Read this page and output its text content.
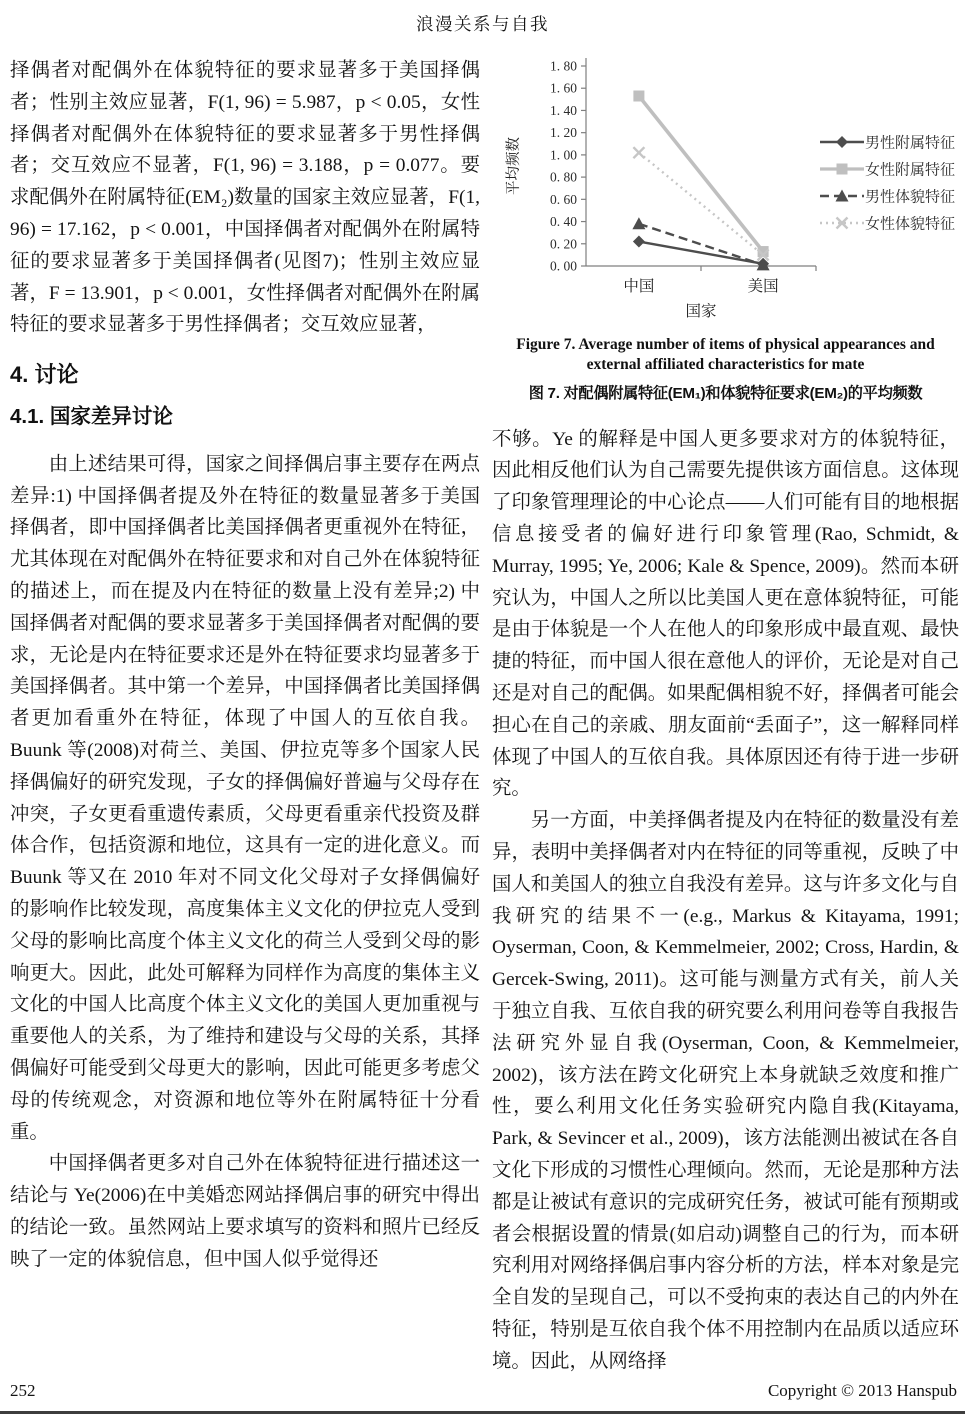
浪漫关系与自我

择偶者对配偶外在体貌特征的要求显著多于美国择偶者；性别主效应显著，F(1, 96) = 5.987，p < 0.05，女性择偶者对配偶外在体貌特征的要求显著多于男性择偶者；交互效应不显著，F(1, 96) = 3.188，p = 0.077。要求配偶外在附属特征(EM₂)数量的国家主效应显著，F(1, 96) = 17.162，p < 0.001，中国择偶者对配偶外在附属特征的要求显著多于美国择偶者(见图7)；性别主效应显著，F = 13.901，p < 0.001，女性择偶者对配偶外在附属特征的要求显著多于男性择偶者；交互效应显著，

4. 讨论
4.1. 国家差异讨论

由上述结果可得，国家之间择偶启事主要存在两点差异:1) 中国择偶者提及外在特征的数量显著多于美国择偶者，即中国择偶者比美国择偶者更重视外在特征，尤其体现在对配偶外在特征要求和对自己外在体貌特征的描述上，而在提及内在特征的数量上没有差异;2) 中国择偶者对配偶的要求显著多于美国择偶者对配偶的要求，无论是内在特征要求还是外在特征要求均显著多于美国择偶者。其中第一个差异，中国择偶者比美国择偶者更加看重外在特征，体现了中国人的互依自我。Buunk 等(2008)对荷兰、美国、伊拉克等多个国家人民择偶偏好的研究发现，子女的择偶偏好普遍与父母存在冲突，子女更看重遗传素质，父母更看重亲代投资及群体合作，包括资源和地位，这具有一定的进化意义。而 Buunk 等又在 2010 年对不同文化父母对子女择偶偏好的影响作比较发现，高度集体主义文化的伊拉克人受到父母的影响比高度个体主义文化的荷兰人受到父母的影响更大。因此，此处可解释为同样作为高度的集体主义文化的中国人比高度个体主义文化的美国人更加重视与重要他人的关系，为了维持和建设与父母的关系，其择偶偏好可能受到父母更大的影响，因此可能更多考虑父母的传统观念，对资源和地位等外在附属特征十分看重。

中国择偶者更多对自己外在体貌特征进行描述这一结论与 Ye(2006)在中美婚恋网站择偶启事的研究中得出的结论一致。虽然网站上要求填写的资料和照片已经反映了一定的体貌信息，但中国人似乎觉得还

0. 00
0. 20
0. 40
0. 60
0. 80
1. 00
1. 20
1. 40
1. 60
1. 80
中国	美国
国家
平均频数	男性附属特征
女性附属特征
男性体貌特征
女性体貌特征
Figure 7. Average number of items of physical appearances and external affiliated characteristics for mate
图 7. 对配偶附属特征(EM₁)和体貌特征要求(EM₂)的平均频数

不够。Ye 的解释是中国人更多要求对方的体貌特征，因此相反他们认为自己需要先提供该方面信息。这体现了印象管理理论的中心论点——人们可能有目的地根据信息接受者的偏好进行印象管理(Rao, Schmidt, & Murray, 1995; Ye, 2006; Kale & Spence, 2009)。然而本研究认为，中国人之所以比美国人更在意体貌特征，可能是由于体貌是一个人在他人的印象形成中最直观、最快捷的特征，而中国人很在意他人的评价，无论是对自己还是对自己的配偶。如果配偶相貌不好，择偶者可能会担心在自己的亲戚、朋友面前“丢面子”，这一解释同样体现了中国人的互依自我。具体原因还有待于进一步研究。

另一方面，中美择偶者提及内在特征的数量没有差异，表明中美择偶者对内在特征的同等重视，反映了中国人和美国人的独立自我没有差异。这与许多文化与自我研究的结果不一(e.g., Markus & Kitayama, 1991; Oyserman, Coon, & Kemmelmeier, 2002; Cross, Hardin, & Gercek-Swing, 2011)。这可能与测量方式有关，前人关于独立自我、互依自我的研究要么利用问卷等自我报告法研究外显自我(Oyserman, Coon, & Kemmelmeier, 2002)，该方法在跨文化研究上本身就缺乏效度和推广性，要么利用文化任务实验研究内隐自我(Kitayama, Park, & Sevincer et al., 2009)，该方法能测出被试在各自文化下形成的习惯性心理倾向。然而，无论是那种方法都是让被试有意识的完成研究任务，被试可能有预期或者会根据设置的情景(如启动)调整自己的行为，而本研究利用对网络择偶启事内容分析的方法，样本对象是完全自发的呈现自己，可以不受拘束的表达自己的内外在特征，特别是互依自我个体不用控制内在品质以适应环境。因此，从网络择

252	Copyright © 2013 Hanspub
